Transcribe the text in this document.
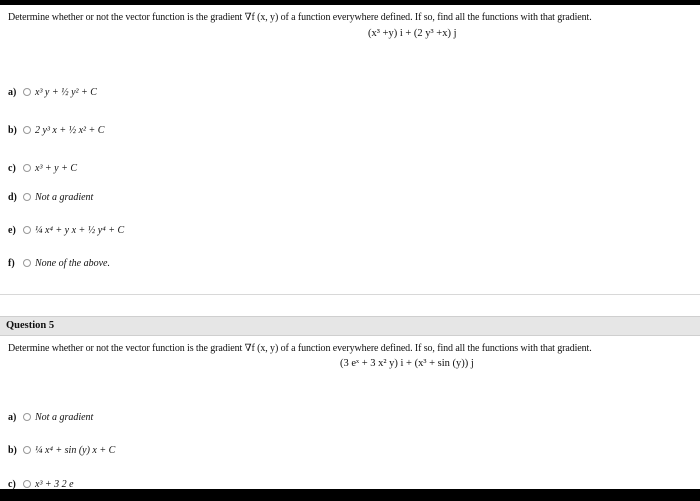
Determine whether or not the vector function is the gradient ∇f (x, y) of a function everywhere defined. If so, find all the functions with that gradient.
(x³ +y) i + (2 y³ +x) j
a)	x³ y + ½ y² + C
b)	2 y³ x + ½ x² + C
c)	x³ + y + C
d)	Not a gradient
e)	¼ x⁴ + y x + ½ y⁴ + C
f)	None of the above.
Question 5
Determine whether or not the vector function is the gradient ∇f (x, y) of a function everywhere defined. If so, find all the functions with that gradient.
(3 eˣ + 3 x² y) i + (x³ + sin (y)) j
a)	Not a gradient
b)	¼ x⁴ + sin (y) x + C
c)	x³ + 3 2 e
